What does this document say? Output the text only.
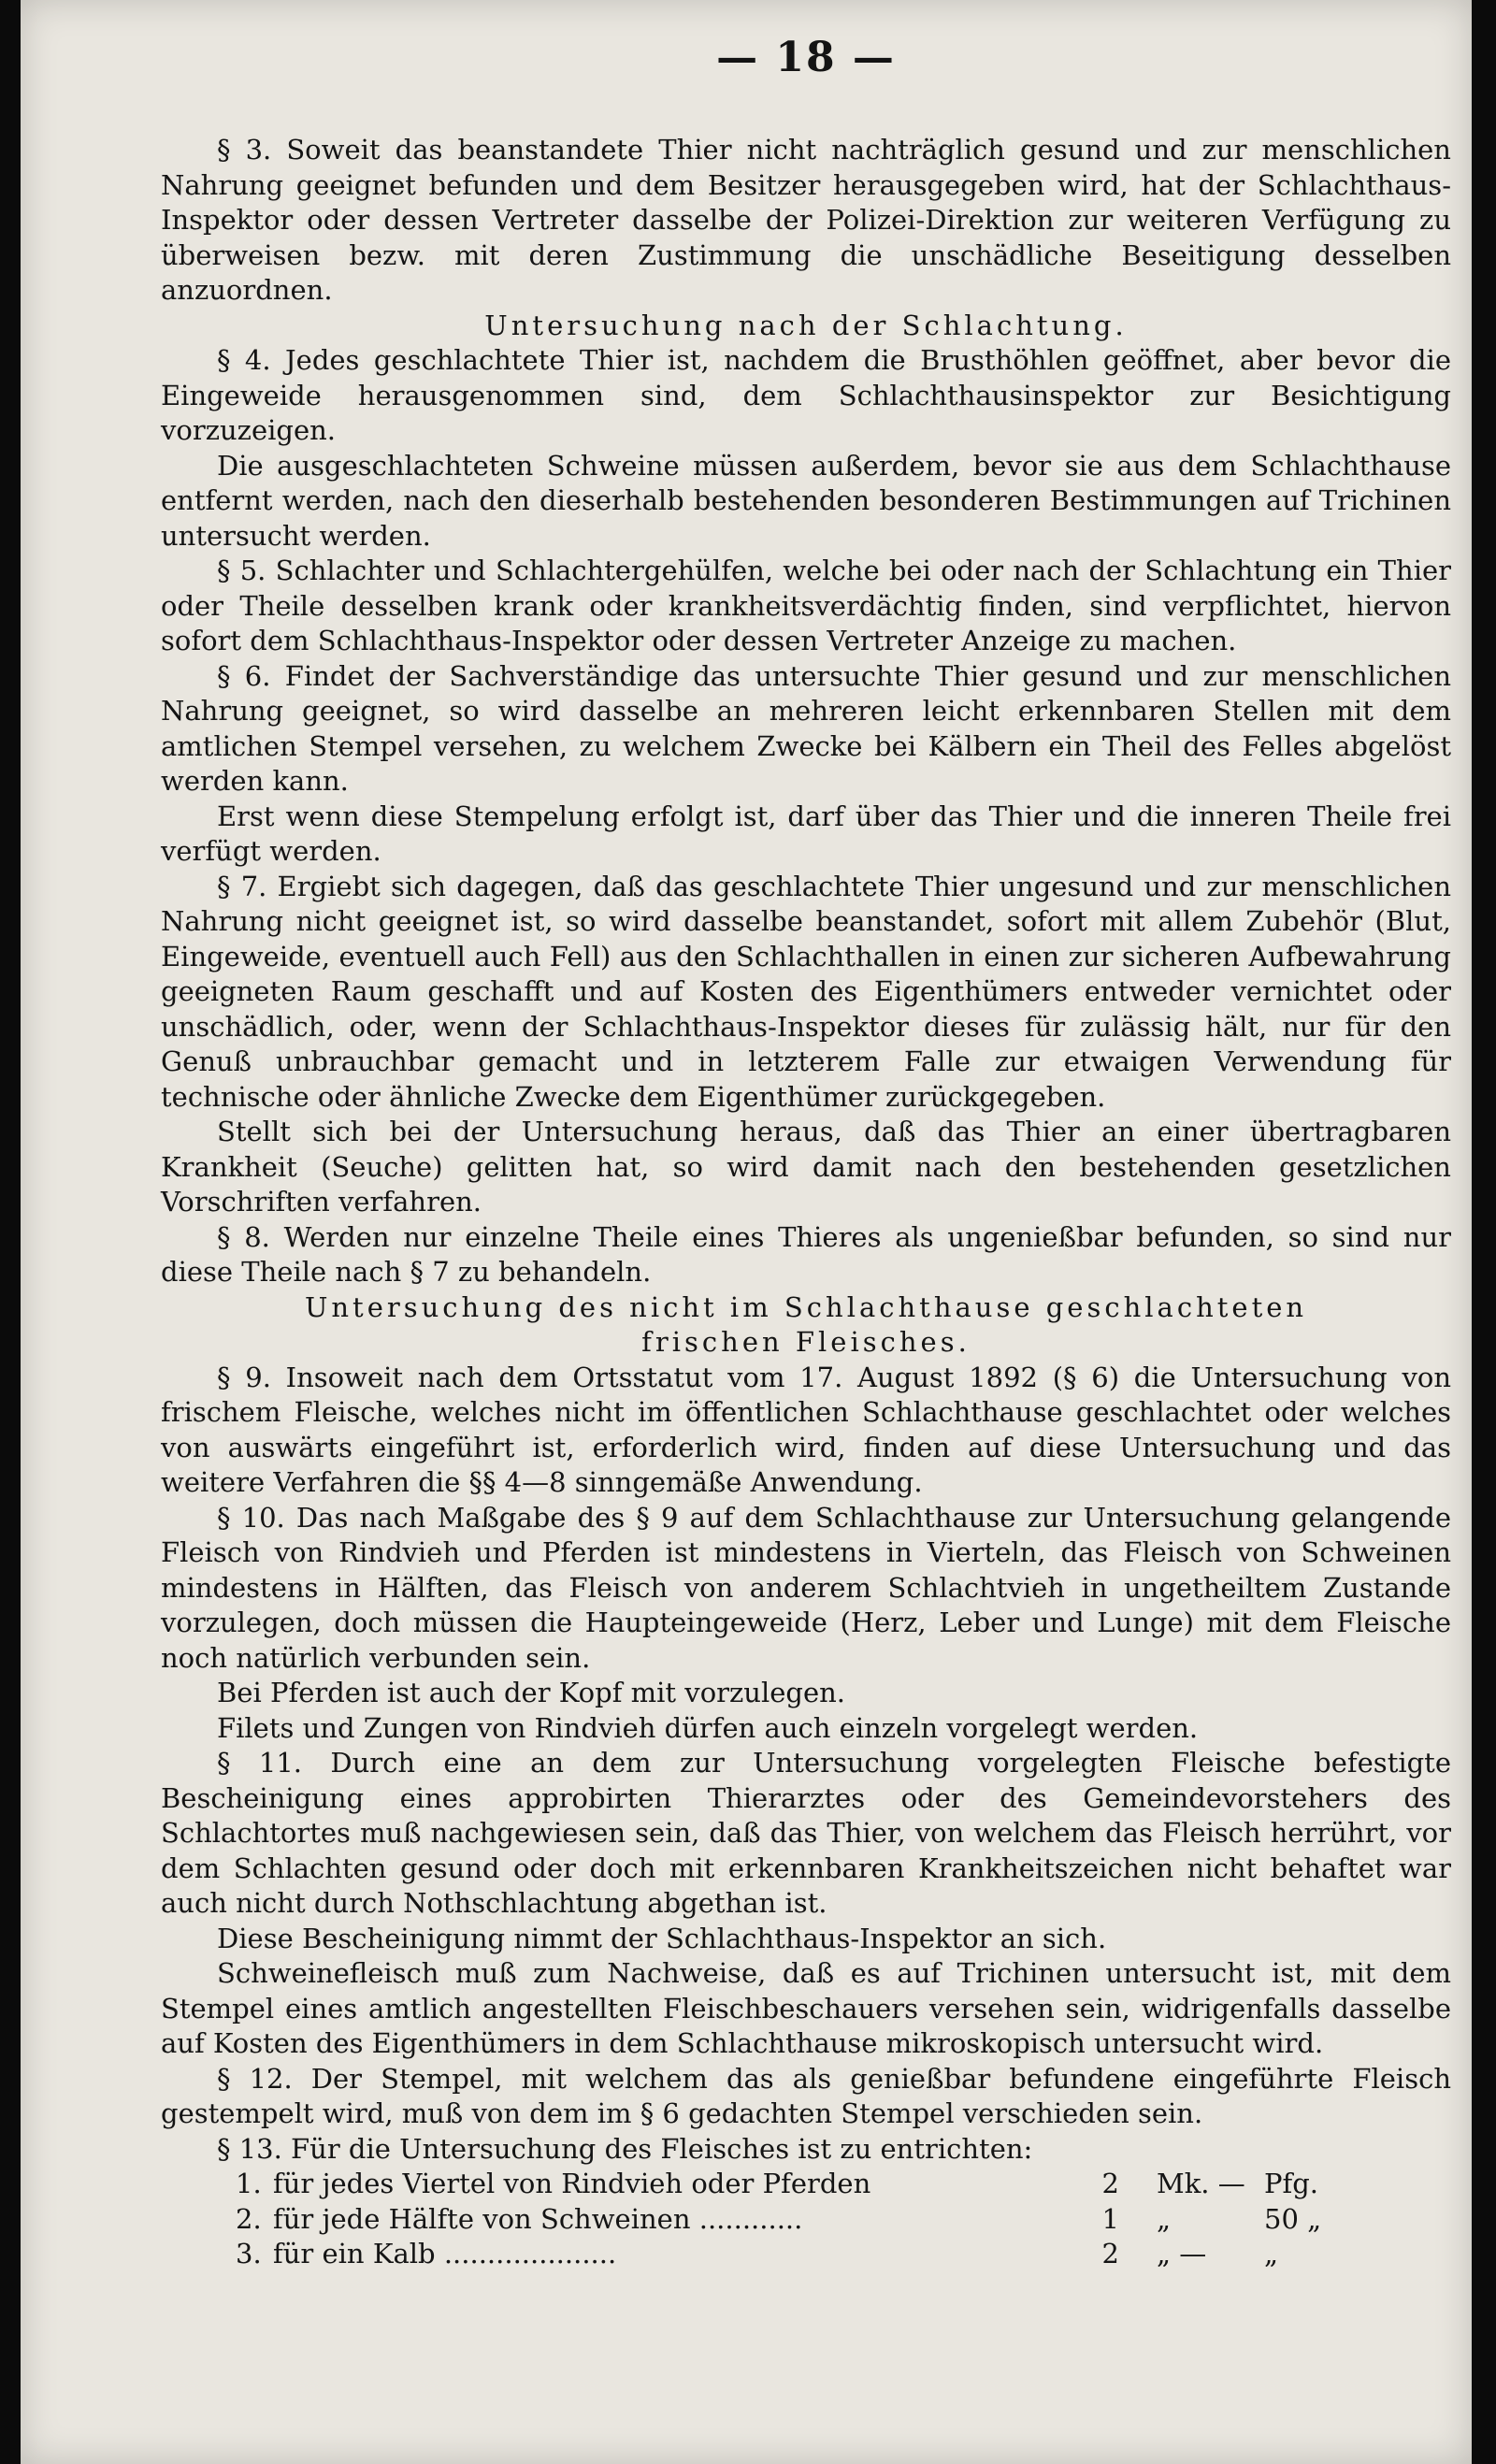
— 18 —

§ 3. Soweit das beanstandete Thier nicht nachträglich gesund und zur menschlichen Nahrung geeignet befunden und dem Besitzer herausgegeben wird, hat der Schlachthaus-Inspektor oder dessen Vertreter dasselbe der Polizei-Direktion zur weiteren Verfügung zu überweisen bezw. mit deren Zustimmung die unschädliche Beseitigung desselben anzuordnen.

Untersuchung nach der Schlachtung.

§ 4. Jedes geschlachtete Thier ist, nachdem die Brusthöhlen geöffnet, aber bevor die Eingeweide herausgenommen sind, dem Schlachthausinspektor zur Besichtigung vorzuzeigen.

Die ausgeschlachteten Schweine müssen außerdem, bevor sie aus dem Schlachthause entfernt werden, nach den dieserhalb bestehenden besonderen Bestimmungen auf Trichinen untersucht werden.

§ 5. Schlachter und Schlachtergehülfen, welche bei oder nach der Schlachtung ein Thier oder Theile desselben krank oder krankheitsverdächtig finden, sind verpflichtet, hiervon sofort dem Schlachthaus-Inspektor oder dessen Vertreter Anzeige zu machen.

§ 6. Findet der Sachverständige das untersuchte Thier gesund und zur menschlichen Nahrung geeignet, so wird dasselbe an mehreren leicht erkennbaren Stellen mit dem amtlichen Stempel versehen, zu welchem Zwecke bei Kälbern ein Theil des Felles abgelöst werden kann.

Erst wenn diese Stempelung erfolgt ist, darf über das Thier und die inneren Theile frei verfügt werden.

§ 7. Ergiebt sich dagegen, daß das geschlachtete Thier ungesund und zur menschlichen Nahrung nicht geeignet ist, so wird dasselbe beanstandet, sofort mit allem Zubehör (Blut, Eingeweide, eventuell auch Fell) aus den Schlachthallen in einen zur sicheren Aufbewahrung geeigneten Raum geschafft und auf Kosten des Eigenthümers entweder vernichtet oder unschädlich, oder, wenn der Schlachthaus-Inspektor dieses für zulässig hält, nur für den Genuß unbrauchbar gemacht und in letzterem Falle zur etwaigen Verwendung für technische oder ähnliche Zwecke dem Eigenthümer zurückgegeben.

Stellt sich bei der Untersuchung heraus, daß das Thier an einer übertragbaren Krankheit (Seuche) gelitten hat, so wird damit nach den bestehenden gesetzlichen Vorschriften verfahren.

§ 8. Werden nur einzelne Theile eines Thieres als ungenießbar befunden, so sind nur diese Theile nach § 7 zu behandeln.

Untersuchung des nicht im Schlachthause geschlachteten
frischen Fleisches.

§ 9. Insoweit nach dem Ortsstatut vom 17. August 1892 (§ 6) die Untersuchung von frischem Fleische, welches nicht im öffentlichen Schlachthause geschlachtet oder welches von auswärts eingeführt ist, erforderlich wird, finden auf diese Untersuchung und das weitere Verfahren die §§ 4—8 sinngemäße Anwendung.

§ 10. Das nach Maßgabe des § 9 auf dem Schlachthause zur Untersuchung gelangende Fleisch von Rindvieh und Pferden ist mindestens in Vierteln, das Fleisch von Schweinen mindestens in Hälften, das Fleisch von anderem Schlachtvieh in ungetheiltem Zustande vorzulegen, doch müssen die Haupteingeweide (Herz, Leber und Lunge) mit dem Fleische noch natürlich verbunden sein.

Bei Pferden ist auch der Kopf mit vorzulegen.

Filets und Zungen von Rindvieh dürfen auch einzeln vorgelegt werden.

§ 11. Durch eine an dem zur Untersuchung vorgelegten Fleische befestigte Bescheinigung eines approbirten Thierarztes oder des Gemeindevorstehers des Schlachtortes muß nachgewiesen sein, daß das Thier, von welchem das Fleisch herrührt, vor dem Schlachten gesund oder doch mit erkennbaren Krankheitszeichen nicht behaftet war auch nicht durch Nothschlachtung abgethan ist.

Diese Bescheinigung nimmt der Schlachthaus-Inspektor an sich.

Schweinefleisch muß zum Nachweise, daß es auf Trichinen untersucht ist, mit dem Stempel eines amtlich angestellten Fleischbeschauers versehen sein, widrigenfalls dasselbe auf Kosten des Eigenthümers in dem Schlachthause mikroskopisch untersucht wird.

§ 12. Der Stempel, mit welchem das als genießbar befundene eingeführte Fleisch gestempelt wird, muß von dem im § 6 gedachten Stempel verschieden sein.

§ 13. Für die Untersuchung des Fleisches ist zu entrichten:

1. für jedes Viertel von Rindvieh oder Pferden	2 Mk. — Pfg.
2. für jede Hälfte von Schweinen ............	1 „	50 „
3. für ein Kalb ....................	2 „ — „
